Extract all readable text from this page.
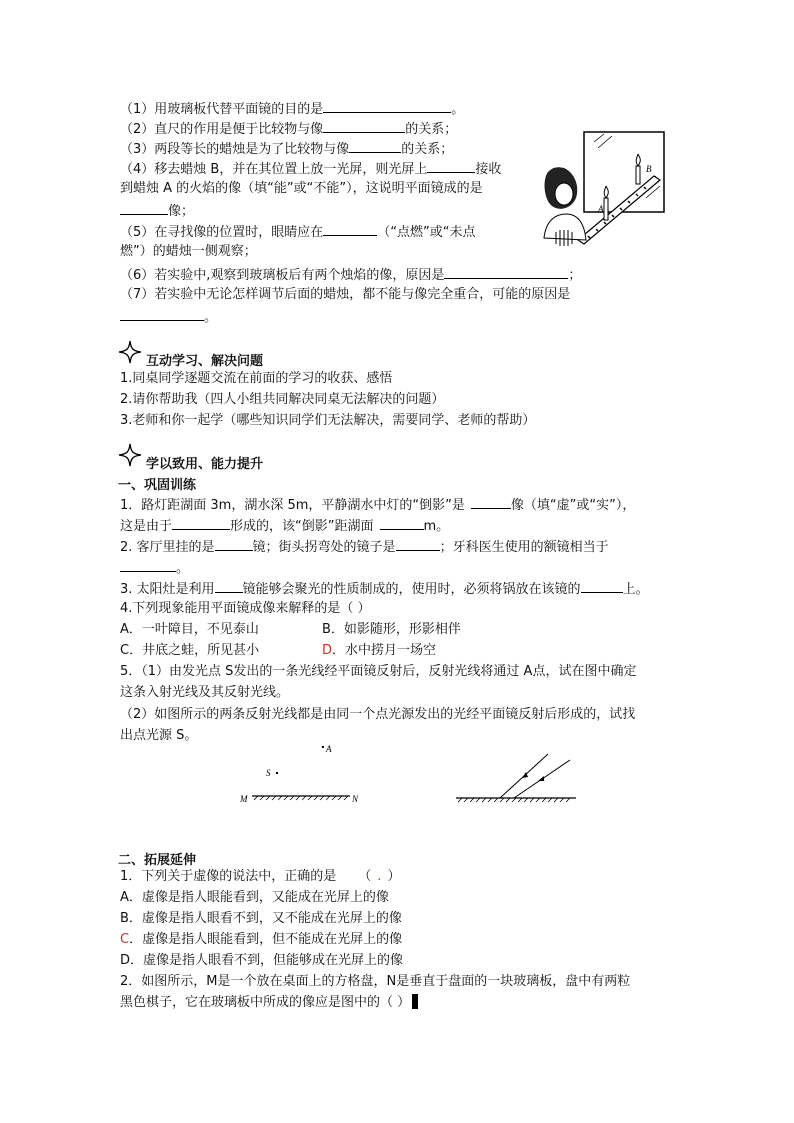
（1）用玻璃板代替平面镜的目的是	。
（2）直尺的作用是便于比较物与像	的关系；
（3）两段等长的蜡烛是为了比较物与像	的关系；
（4）移去蜡烛 B，并在其位置上放一光屏，则光屏上	接收
到蜡烛 A 的火焰的像（填“能”或“不能”），这说明平面镜成的是
像；
（5）在寻找像的位置时，眼睛应在	（“点燃”或“未点
燃”）的蜡烛一侧观察；
（6）若实验中,观察到玻璃板后有两个烛焰的像，原因是	；
（7）若实验中无论怎样调节后面的蜡烛，都不能与像完全重合，可能的原因是
。
A
B
互动学习、解决问题
1.同桌同学逐题交流在前面的学习的收获、感悟
2.请你帮助我（四人小组共同解决同桌无法解决的问题）
3.老师和你一起学（哪些知识同学们无法解决，需要同学、老师的帮助）
学以致用、能力提升
一、巩固训练
1．路灯距湖面 3m，湖水深 5m，平静湖水中灯的“倒影”是	像（填“虚”或“实”），
这是由于	形成的，该“倒影”距湖面	m。
2. 客厅里挂的是	镜；街头拐弯处的镜子是	；牙科医生使用的额镜相当于
。
3. 太阳灶是利用 镜能够会聚光的性质制成的，使用时，必须将锅放在该镜的	上。
4.下列现象能用平面镜成像来解释的是（ ）
A．一叶障目，不见泰山	B．如影随形，形影相伴
C．井底之蛙，所见甚小	D．水中捞月一场空
5．（1）由发光点 S发出的一条光线经平面镜反射后，反射光线将通过 A点，试在图中确定
这条入射光线及其反射光线。
（2）如图所示的两条反射光线都是由同一个点光源发出的光经平面镜反射后形成的，试找
出点光源 S。
A
S
M	N
二、拓展延伸
1．下列关于虚像的说法中，正确的是 （ . ）
A．虚像是指人眼能看到，又能成在光屏上的像
B．虚像是指人眼看不到，又不能成在光屏上的像
C．虚像是指人眼能看到，但不能成在光屏上的像
D．虚像是指人眼看不到，但能够成在光屏上的像
2．如图所示，M是一个放在桌面上的方格盘，N是垂直于盘面的一块玻璃板，盘中有两粒
黑色棋子，它在玻璃板中所成的像应是图中的（ ）
